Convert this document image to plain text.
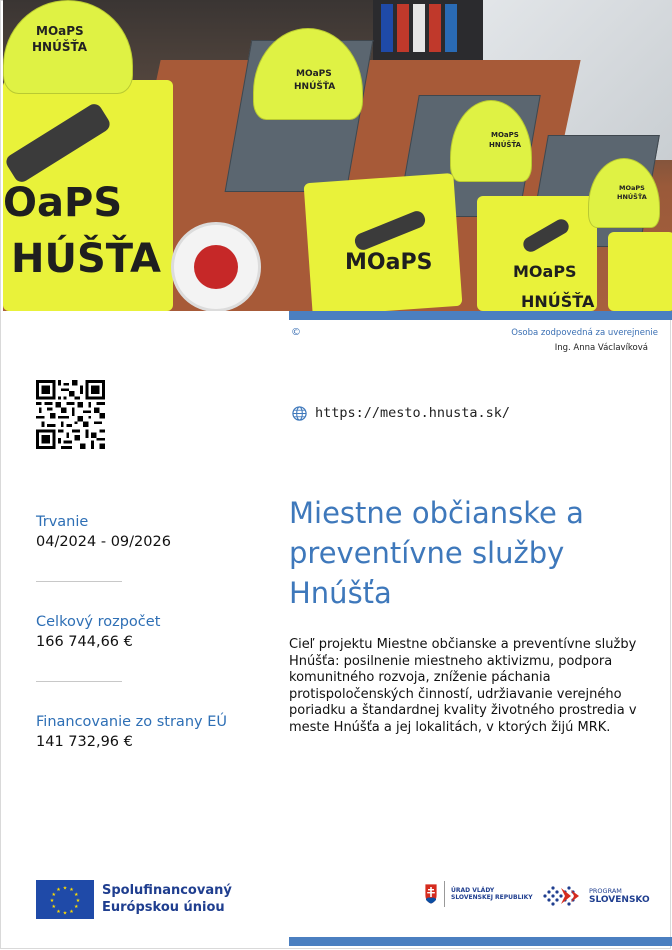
OaPS
HÚŠŤA
MOaPS
HNÚŠŤA
MOaPS
HNÚŠŤA
MOaPS
MOaPS
HNÚŠŤA
MOaPS
HNÚŠŤA
MOaPS
HNÚŠŤA
©	Osoba zodpovedná za uverejnenie
Ing. Anna Václavíková
https://mesto.hnusta.sk/
Trvanie
04/2024 - 09/2026
Celkový rozpočet
166 744,66 €
Financovanie zo strany EÚ
141 732,96 €
Miestne občianske a preventívne služby Hnúšťa

Cieľ projektu Miestne občianske a preventívne služby Hnúšťa: posilnenie miestneho aktivizmu, podpora komunitného rozvoja, zníženie páchania protispoločenských činností, udržiavanie verejného poriadku a štandardnej kvality životného prostredia v meste Hnúšťa a jej lokalitách, v ktorých žijú MRK.

★ ★
★
★
★
★
★
★
★
★
★
★	Spolufinancovaný
Európskou úniou
ÚRAD VLÁDY
SLOVENSKEJ REPUBLIKY
PROGRAM
SLOVENSKO
